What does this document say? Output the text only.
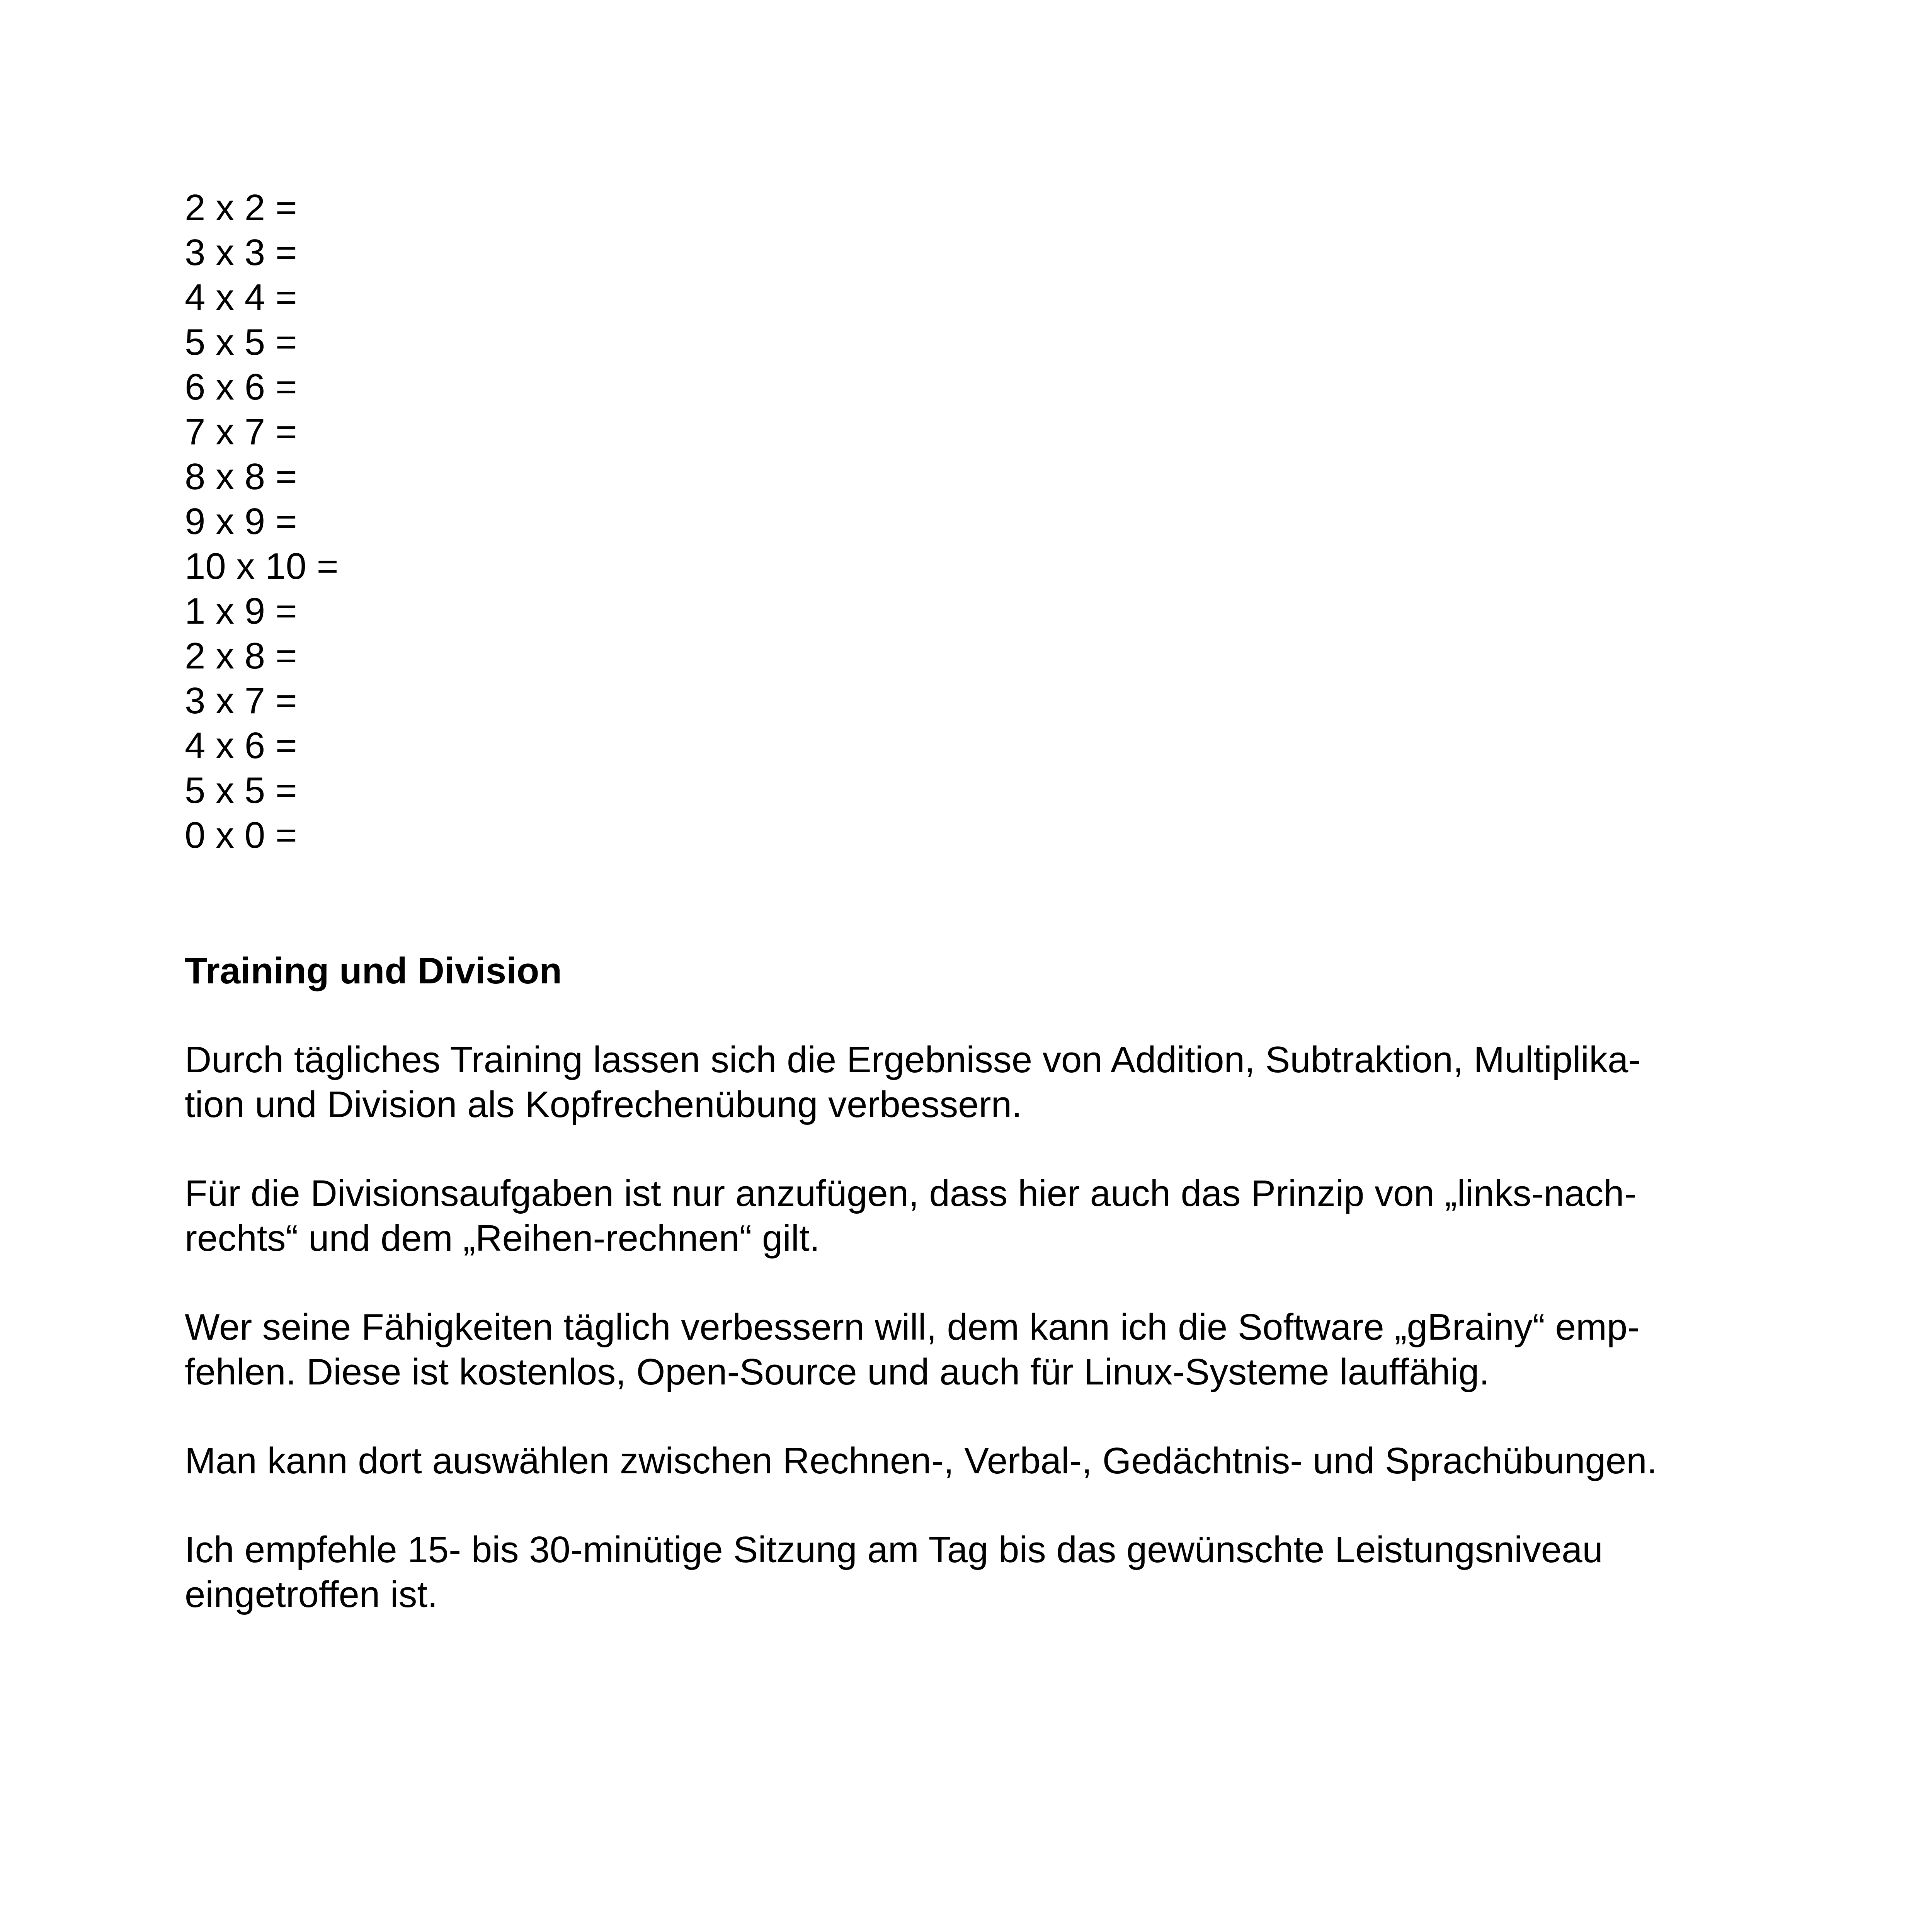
2 x 2 =
3 x 3 =
4 x 4 =
5 x 5 =
6 x 6 =
7 x 7 =
8 x 8 =
9 x 9 =
10 x 10 =
1 x 9 =
2 x 8 =
3 x 7 =
4 x 6 =
5 x 5 =
0 x 0 =
Training und Division

Durch tägliches Training lassen sich die Ergebnisse von Addition, Subtraktion, Multiplika-
tion und Division als Kopfrechenübung verbessern.

Für die Divisionsaufgaben ist nur anzufügen, dass hier auch das Prinzip von „links-nach-
rechts“ und dem „Reihen-rechnen“ gilt.

Wer seine Fähigkeiten täglich verbessern will, dem kann ich die Software „gBrainy“ emp-
fehlen. Diese ist kostenlos, Open-Source und auch für Linux-Systeme lauffähig.

Man kann dort auswählen zwischen Rechnen-, Verbal-, Gedächtnis- und Sprachübungen.

Ich empfehle 15- bis 30-minütige Sitzung am Tag bis das gewünschte Leistungsniveau
eingetroffen ist.
